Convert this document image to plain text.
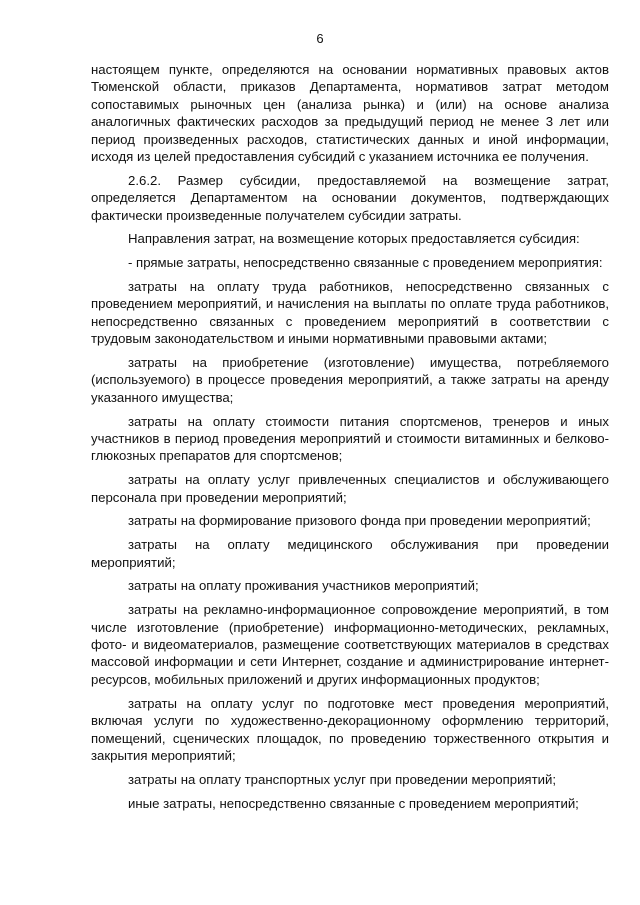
6

настоящем пункте, определяются на основании нормативных правовых актов Тюменской области, приказов Департамента, нормативов затрат методом сопоставимых рыночных цен (анализа рынка) и (или) на основе анализа аналогичных фактических расходов за предыдущий период не менее 3 лет или период произведенных расходов, статистических данных и иной информации, исходя из целей предоставления субсидий с указанием источника ее получения.

2.6.2. Размер субсидии, предоставляемой на возмещение затрат, определяется Департаментом на основании документов, подтверждающих фактически произведенные получателем субсидии затраты.

Направления затрат, на возмещение которых предоставляется субсидия:

- прямые затраты, непосредственно связанные с проведением мероприятия:

затраты на оплату труда работников, непосредственно связанных с проведением мероприятий, и начисления на выплаты по оплате труда работников, непосредственно связанных с проведением мероприятий в соответствии с трудовым законодательством и иными нормативными правовыми актами;

затраты на приобретение (изготовление) имущества, потребляемого (используемого) в процессе проведения мероприятий, а также затраты на аренду указанного имущества;

затраты на оплату стоимости питания спортсменов, тренеров и иных участников в период проведения мероприятий и стоимости витаминных и белково-глюкозных препаратов для спортсменов;

затраты на оплату услуг привлеченных специалистов и обслуживающего персонала при проведении мероприятий;

затраты на формирование призового фонда при проведении мероприятий;

затраты на оплату медицинского обслуживания при проведении мероприятий;

затраты на оплату проживания участников мероприятий;

затраты на рекламно-информационное сопровождение мероприятий, в том числе изготовление (приобретение) информационно-методических, рекламных, фото- и видеоматериалов, размещение соответствующих материалов в средствах массовой информации и сети Интернет, создание и администрирование интернет-ресурсов, мобильных приложений и других информационных продуктов;

затраты на оплату услуг по подготовке мест проведения мероприятий, включая услуги по художественно-декорационному оформлению территорий, помещений, сценических площадок, по проведению торжественного открытия и закрытия мероприятий;

затраты на оплату транспортных услуг при проведении мероприятий;

иные затраты, непосредственно связанные с проведением мероприятий;
